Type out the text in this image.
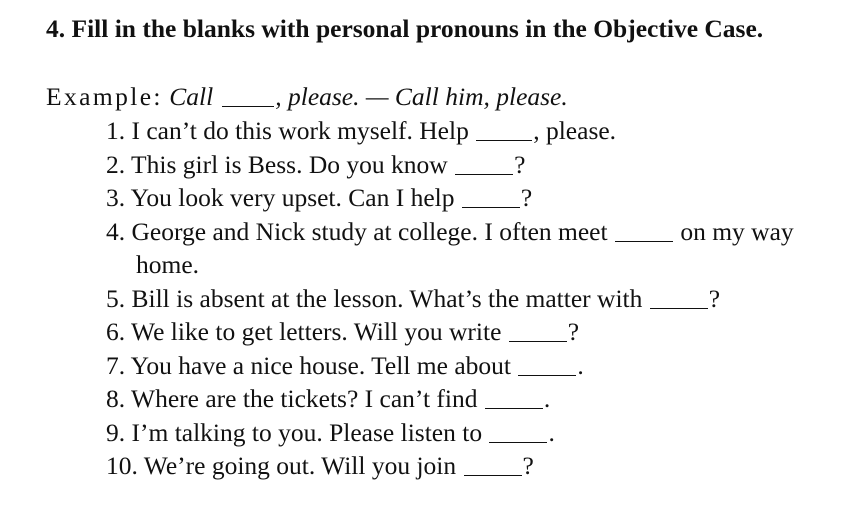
4. Fill in the blanks with personal pronouns in the Objective Case.
Example: Call , please. — Call him, please.
1. I can’t do this work myself. Help	, please.
2. This girl is Bess. Do you know	?
3. You look very upset. Can I help	?
4. George and Nick study at college. I often meet	on my way home.
5. Bill is absent at the lesson. What’s the matter with	?
6. We like to get letters. Will you write	?
7. You have a nice house. Tell me about	.
8. Where are the tickets? I can’t find	.
9. I’m talking to you. Please listen to	.
10. We’re going out. Will you join	?
